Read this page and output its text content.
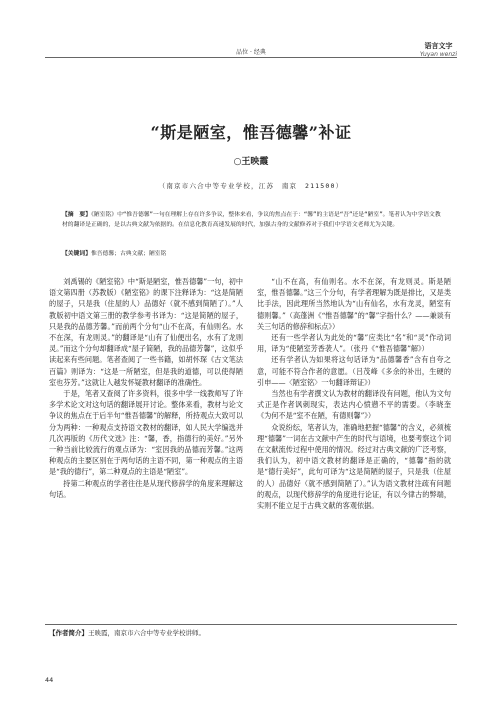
品位 · 经典
语言文字
Yuyan wenzi
“斯是陋室，惟吾德馨”补证
○王映霞
（南京市六合中等专业学校，江苏　南京　211500）
【摘　要】《陋室铭》中“惟吾德馨”一句在理解上存在许多争议，整体来看，争议的焦点在于：“馨”的主语是“吾”还是“陋室”。笔者认为中学语文教材的翻译是正确的，是以古典文献为依据的。在信息化教育高速发展的时代，加强古身的文献修养对于我们中学语文老师尤为关键。
【关键词】惟吾德馨；古典文献；陋室铭

刘禹锡的《陋室铭》中“斯是陋室，惟吾德馨”一句，初中语文第四册（苏教版）《陋室铭》的课下注释译为：“这是简陋的屋子，只是我（住屋的人）品德好（就不感到简陋了）。”人教版初中语文第三册的教学参考书译为：“这是简陋的屋子，只是我的品德芳馨。”而前两个分句“山不在高，有仙则名。水不在深，有龙则灵。”的翻译是“山有了仙便出名，水有了龙则灵。”而这个分句却翻译成“屋子简陋，我的品德芳馨”，这似乎读起来有些问题。笔者查阅了一些书籍，如胡怀琛《古文笔法百篇》则译为：“这是一所陋室，但是我的道德，可以使得陋室也芬芳。”这就让人越发怀疑教材翻译的准确性。

于是，笔者又查阅了许多资料，很多中学一线教师写了许多学术论文对这句话的翻译展开讨论。整体来看，教材与论文争议的焦点在于后半句“惟吾德馨”的解释，所持观点大致可以分为两种：一种观点支持语文教材的翻译，如人民大学编选并几次再版的《历代文选》注：“馨，香，指德行的美好。”另外一种当前比较流行的观点译为：“室因我的品德而芳馨。”这两种观点的主要区别在于两句话的主语不同，第一种观点的主语是“我的德行”，第二种观点的主语是“陋室”。

持第二种观点的学者往往是从现代修辞学的角度来理解这句话。

“山不在高，有仙则名。水不在深，有龙则灵。斯是陋室，惟吾德馨。”这三个分句，有学者理解为既是排比，又是类比手法，因此理所当然地认为“山有仙名，水有龙灵，陋室有德则馨。”（高蓬洲《“惟吾德馨”的“馨”字指什么？——兼谈有关三句话的修辞和标点》）

还有一些学者认为此处的“馨”应类比“名”和“灵”作动词用，译为“使陋室芳香袭人”。（张丹《“惟吾德馨”解》）

还有学者认为如果将这句话译为“品德馨香”含有自夸之意，可能不符合作者的意愿。（吕茂峰《多余的补出，生硬的引申——〈陋室铭〉一句翻译辩证》）

当然也有学者撰文认为教材的翻译没有问题，他认为文句式正是作者讽刺现实，表达内心愤懑不平的需要。（李晓奎《为何不是“室不在陋，有德则馨”》）

众说纷纭，笔者认为，准确地把握“德馨”的含义，必须梳理“德馨”一词在古文献中产生的时代与语境，也要考察这个词在文献流传过程中使用的情况。经过对古典文献的广泛考察，我们认为，初中语文教材的翻译是正确的，“德馨”指的就是“德行美好”，此句可译为“这是简陋的屋子，只是我（住屋的人）品德好（就不感到简陋了）。”认为语文教材注疏有问题的观点，以现代修辞学的角度进行论证，有以今律古的弊端，实则不能立足于古典文献的客观依据。

【作者简介】王映霞，南京市六合中等专业学校讲师。
44
